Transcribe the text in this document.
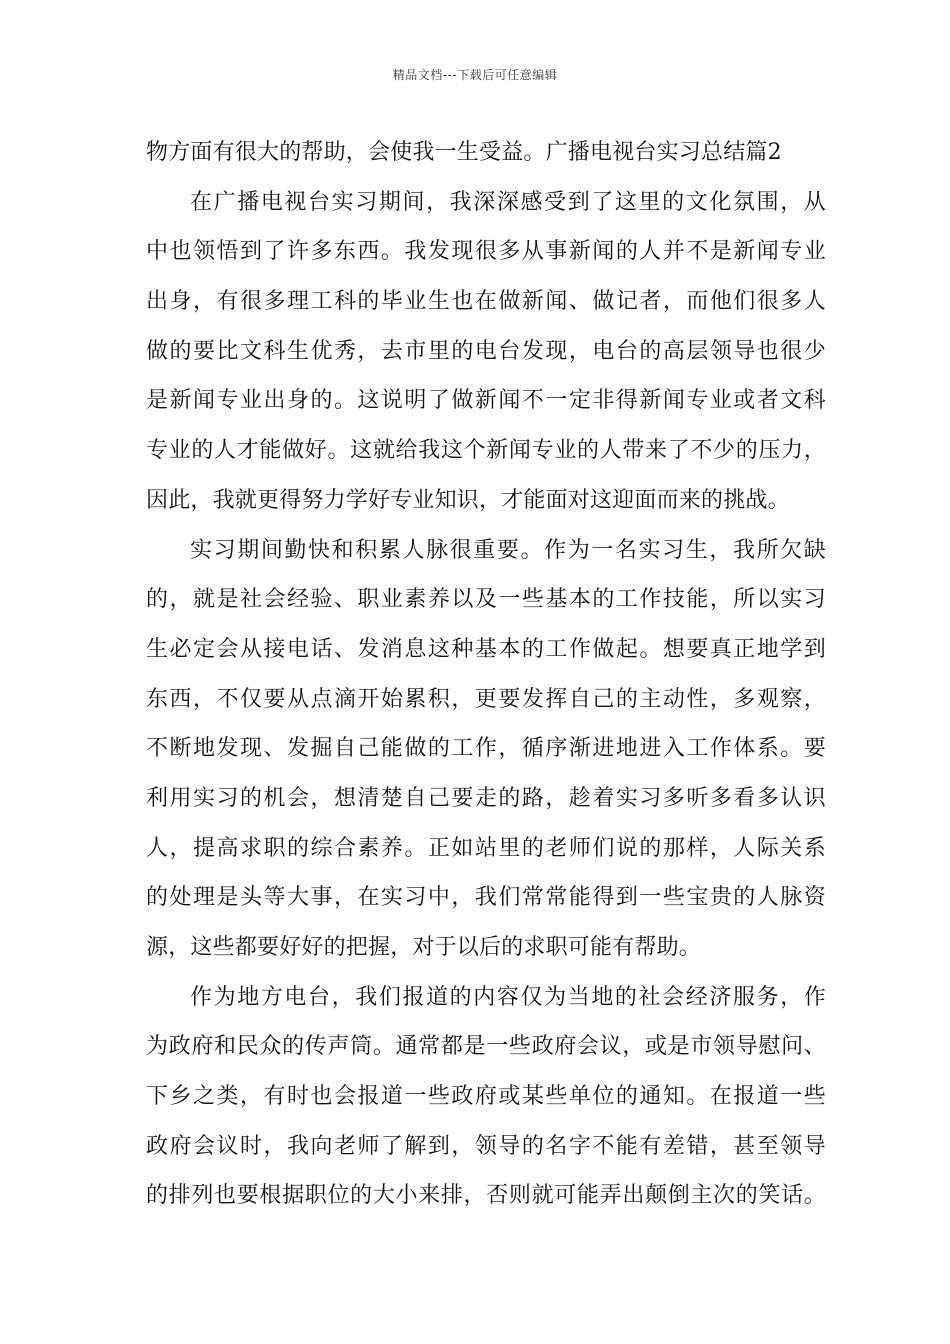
精品文档---下载后可任意编辑
物方面有很大的帮助，会使我一生受益。广播电视台实习总结篇2
在广播电视台实习期间，我深深感受到了这里的文化氛围，从
中也领悟到了许多东西。我发现很多从事新闻的人并不是新闻专业
出身，有很多理工科的毕业生也在做新闻、做记者，而他们很多人
做的要比文科生优秀，去市里的电台发现，电台的高层领导也很少
是新闻专业出身的。这说明了做新闻不一定非得新闻专业或者文科
专业的人才能做好。这就给我这个新闻专业的人带来了不少的压力，
因此，我就更得努力学好专业知识，才能面对这迎面而来的挑战。
实习期间勤快和积累人脉很重要。作为一名实习生，我所欠缺
的，就是社会经验、职业素养以及一些基本的工作技能，所以实习
生必定会从接电话、发消息这种基本的工作做起。想要真正地学到
东西，不仅要从点滴开始累积，更要发挥自己的主动性，多观察，
不断地发现、发掘自己能做的工作，循序渐进地进入工作体系。要
利用实习的机会，想清楚自己要走的路，趁着实习多听多看多认识
人，提高求职的综合素养。正如站里的老师们说的那样，人际关系
的处理是头等大事，在实习中，我们常常能得到一些宝贵的人脉资
源，这些都要好好的把握，对于以后的求职可能有帮助。
作为地方电台，我们报道的内容仅为当地的社会经济服务，作
为政府和民众的传声筒。通常都是一些政府会议，或是市领导慰问、
下乡之类，有时也会报道一些政府或某些单位的通知。在报道一些
政府会议时，我向老师了解到，领导的名字不能有差错，甚至领导
的排列也要根据职位的大小来排，否则就可能弄出颠倒主次的笑话。
